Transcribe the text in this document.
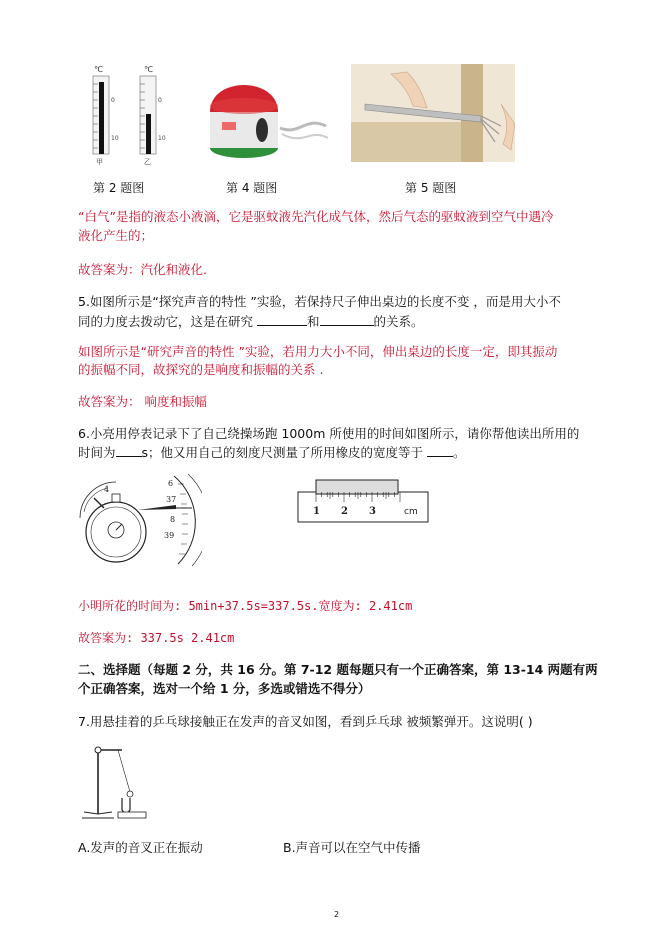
℃	℃
0
10
0
10
甲	乙
第 2 题图	第 4 题图	第 5 题图
“白气”是指的液态小液滴，它是驱蚊液先汽化成气体，然后气态的驱蚊液到空气中遇冷
液化产生的；
故答案为：汽化和液化.
5.如图所示是“探究声音的特性 ”实验，若保持尺子伸出桌边的长度不变 ，而是用大小不
同的力度去拨动它，这是在研究	和	的关系。
如图所示是“研究声音的特性 ”实验，若用力大小不同，伸出桌边的长度一定，即其振动
的振幅不同，故探究的是响度和振幅的关系 .
故答案为： 响度和振幅
6.小亮用停表记录下了自己绕操场跑 1000m 所使用的时间如图所示，请你帮他读出所用的
时间为 s；他又用自己的刻度尺测量了所用橡皮的宽度等于 。
4
6
37
8
39
1 2 3	cm
小明所花的时间为: 5min+37.5s=337.5s.宽度为: 2.41cm
故答案为: 337.5s 2.41cm
二、选择题（每题 2 分，共 16 分。第 7-12 题每题只有一个正确答案，第 13-14 两题有两
个正确答案，选对一个给 1 分，多选或错选不得分）
7.用悬挂着的乒乓球接触正在发声的音叉如图，看到乒乓球 被频繁弹开。这说明( )
A.发声的音叉正在振动	B.声音可以在空气中传播
2
